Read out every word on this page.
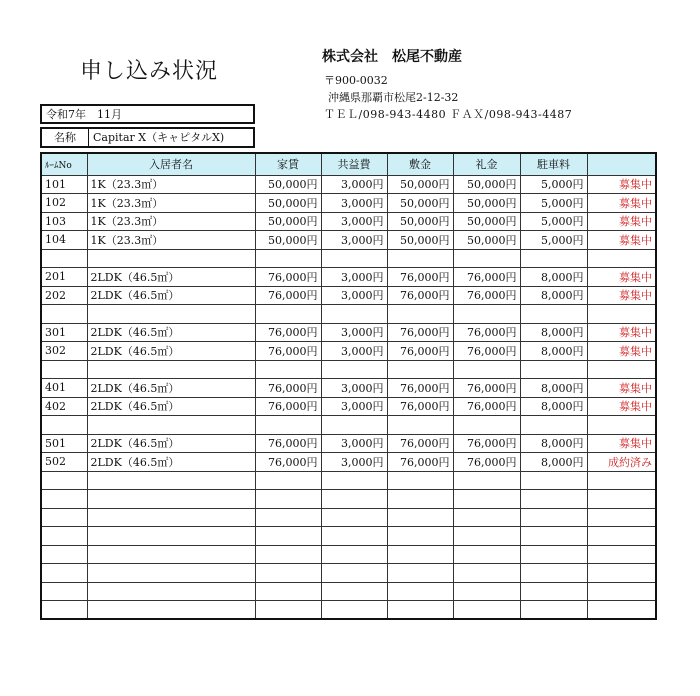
申し込み状況
株式会社　松尾不動産
〒900-0032
沖縄県那覇市松尾2-12-32
ＴＥＬ/098-943-4480 ＦＡＸ/098-943-4487
令和7年　11月
名称	Capitar X（キャピタルX)
ﾙｰﾑNo	入居者名	家賃	共益費	敷金	礼金	駐車料	
101	1K（23.3㎡）	50,000円	3,000円	50,000円	50,000円	5,000円	募集中
102	1K（23.3㎡）	50,000円	3,000円	50,000円	50,000円	5,000円	募集中
103	1K（23.3㎡）	50,000円	3,000円	50,000円	50,000円	5,000円	募集中
104	1K（23.3㎡）	50,000円	3,000円	50,000円	50,000円	5,000円	募集中

201	2LDK（46.5㎡）	76,000円	3,000円	76,000円	76,000円	8,000円	募集中
202	2LDK（46.5㎡）	76,000円	3,000円	76,000円	76,000円	8,000円	募集中

301	2LDK（46.5㎡）	76,000円	3,000円	76,000円	76,000円	8,000円	募集中
302	2LDK（46.5㎡）	76,000円	3,000円	76,000円	76,000円	8,000円	募集中

401	2LDK（46.5㎡）	76,000円	3,000円	76,000円	76,000円	8,000円	募集中
402	2LDK（46.5㎡）	76,000円	3,000円	76,000円	76,000円	8,000円	募集中

501	2LDK（46.5㎡）	76,000円	3,000円	76,000円	76,000円	8,000円	募集中
502	2LDK（46.5㎡）	76,000円	3,000円	76,000円	76,000円	8,000円	成約済み
